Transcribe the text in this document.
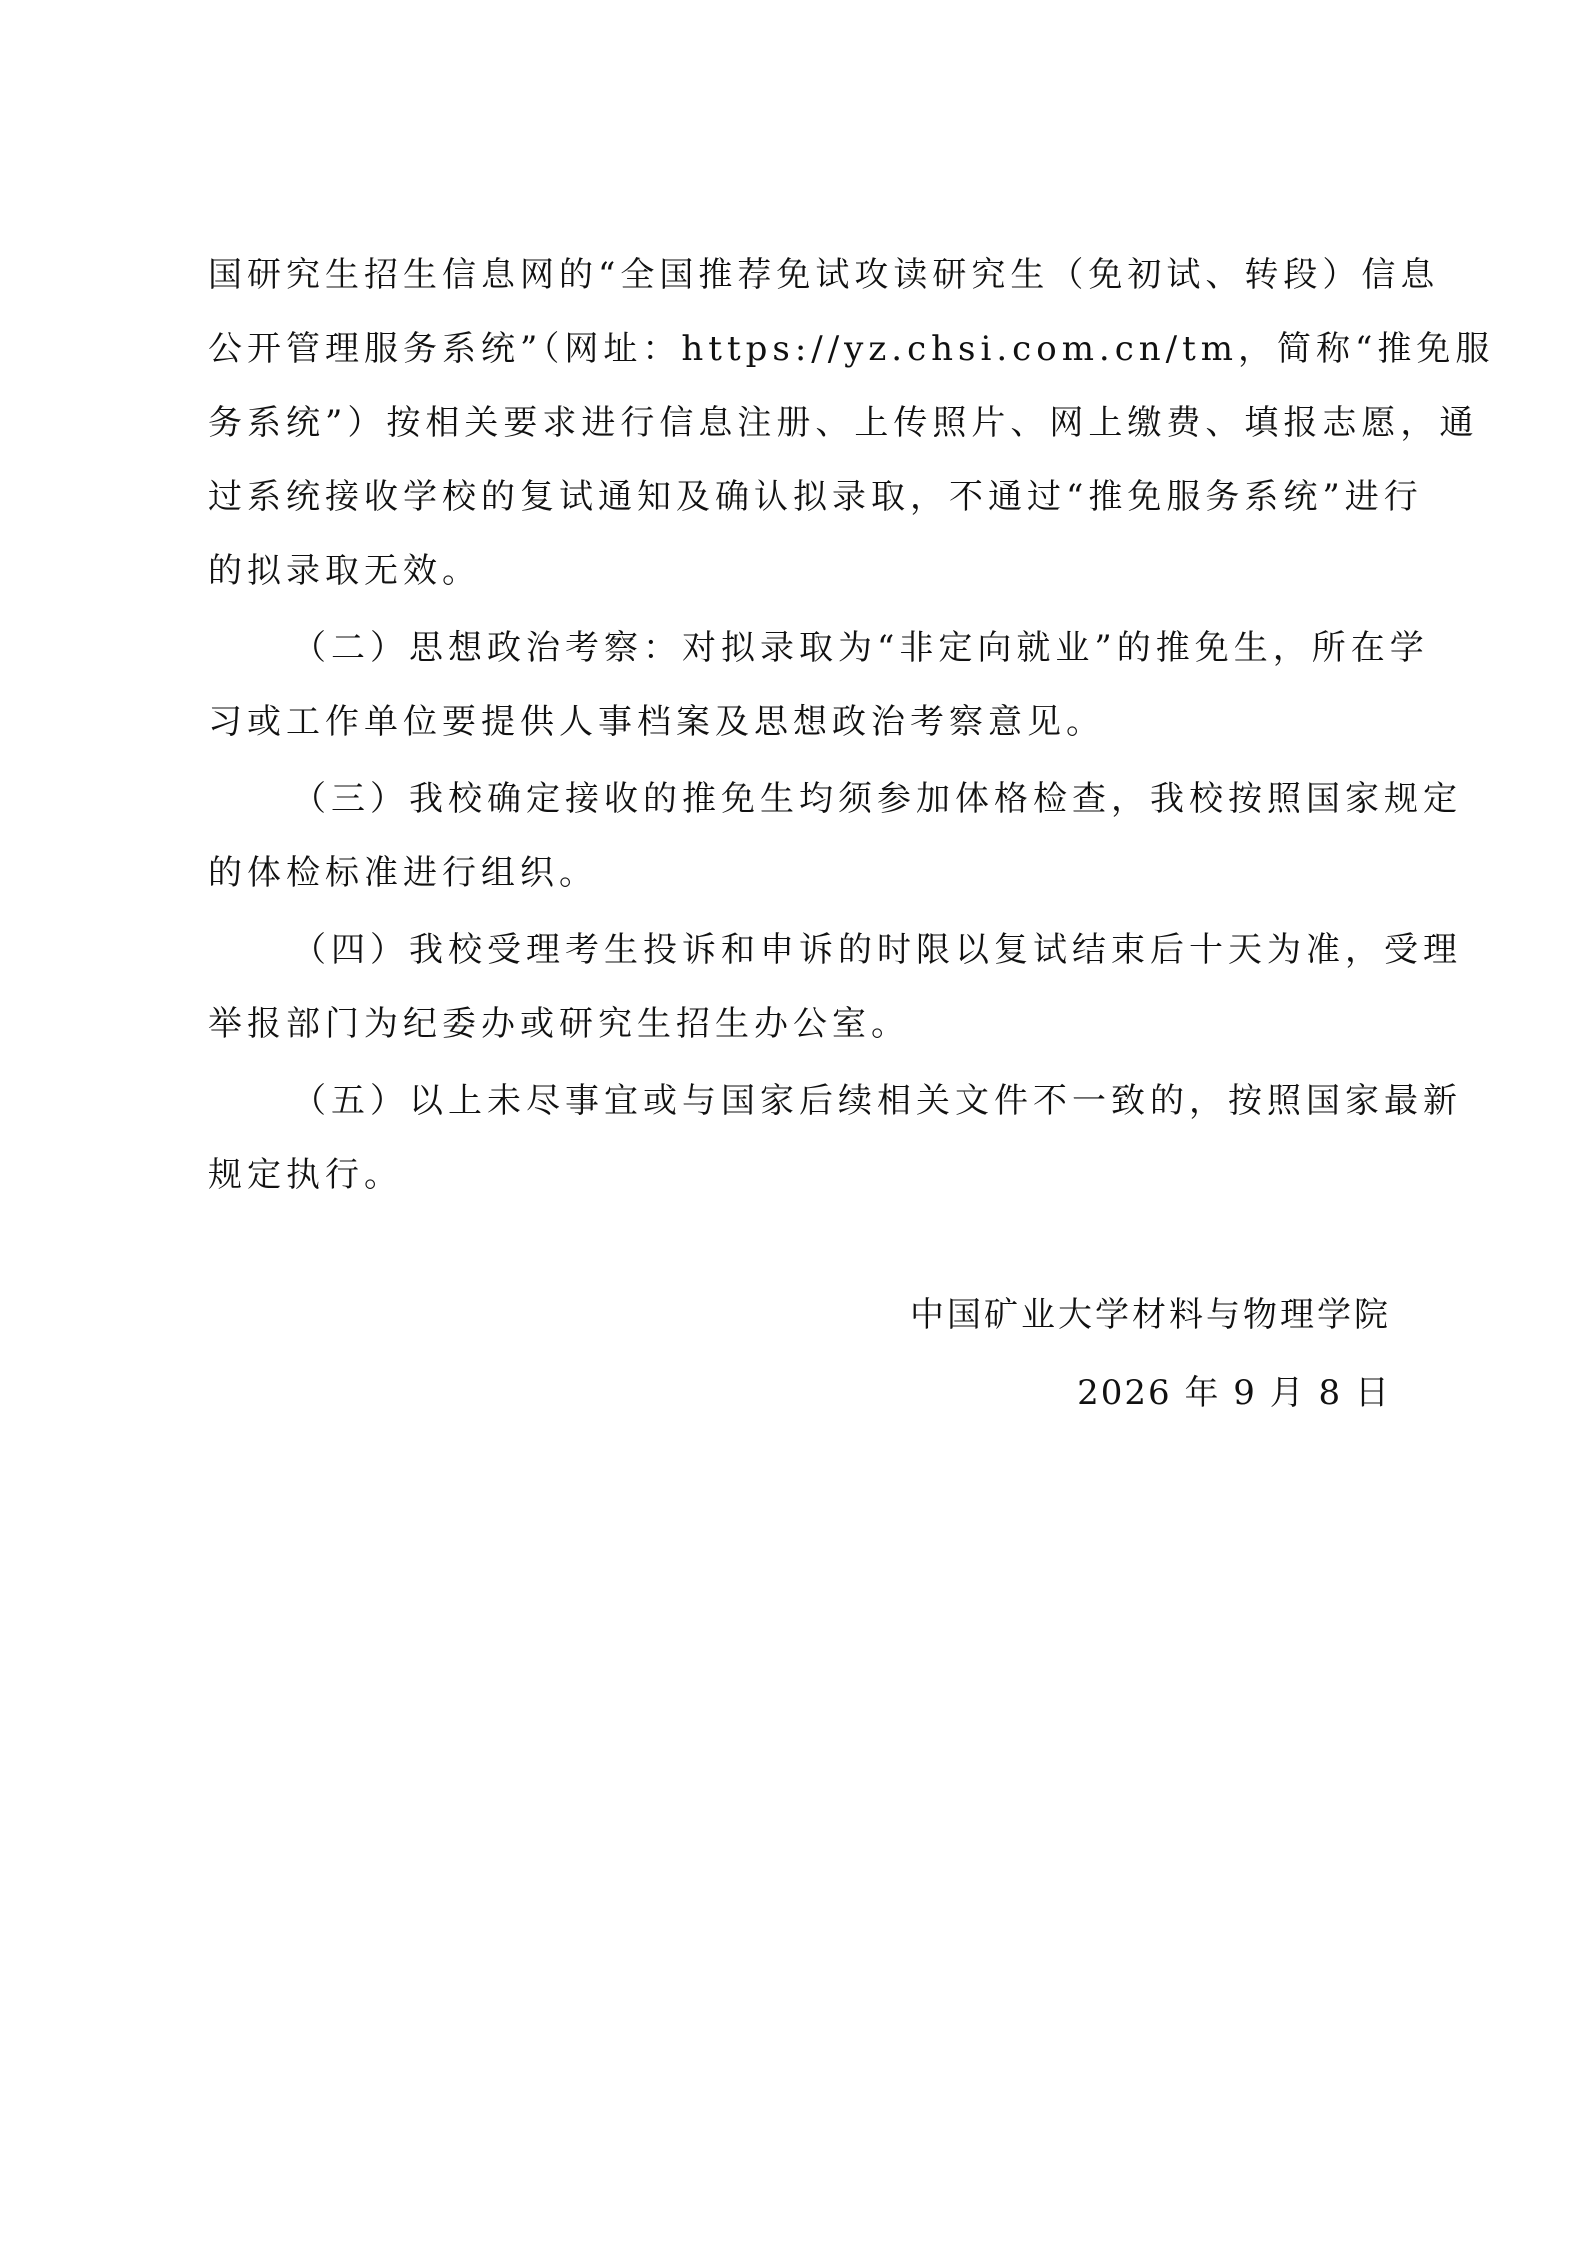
国研究生招生信息网的“全国推荐免试攻读研究生（免初试、转段）信息
公开管理服务系统”（网址：https://yz.chsi.com.cn/tm，简称“推免服
务系统”）按相关要求进行信息注册、上传照片、网上缴费、填报志愿，通
过系统接收学校的复试通知及确认拟录取，不通过“推免服务系统”进行
的拟录取无效。
（二）思想政治考察：对拟录取为“非定向就业”的推免生，所在学
习或工作单位要提供人事档案及思想政治考察意见。
（三）我校确定接收的推免生均须参加体格检查，我校按照国家规定
的体检标准进行组织。
（四）我校受理考生投诉和申诉的时限以复试结束后十天为准，受理
举报部门为纪委办或研究生招生办公室。
（五）以上未尽事宜或与国家后续相关文件不一致的，按照国家最新
规定执行。
中国矿业大学材料与物理学院
2026 年 9 月 8 日
